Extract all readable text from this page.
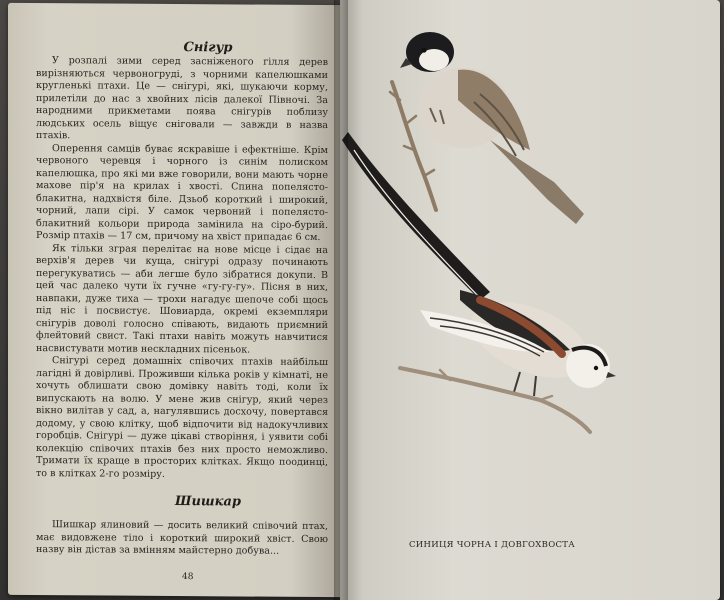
Снігур

У розпалі зими серед засніженого гілля дерев вирізняються червоногруді, з чорними капелюшками кругленькі птахи. Це — снігурі, які, шукаючи корму, прилетіли до нас з хвойних лісів далекої Півночі. За народними прикметами поява снігурів поблизу людських осель віщує сніговали — завжди в назва птахів.

Оперення самців буває яскравіше і ефектніше. Крім червоного черевця і чорного із синім полиском капелюшка, про які ми вже говорили, вони мають чорне махове пір'я на крилах і хвості. Спина попелясто-блакитна, надхвістя біле. Дзьоб короткий і широкий, чорний, лапи сірі. У самок червоний і попелясто-блакитний кольори природа замінила на сіро-бурий. Розмір птахів — 17 см, причому на хвіст припадає 6 см.

Як тільки зграя перелітає на нове місце і сідає на верхів'я дерев чи куща, снігурі одразу починають перегукуватись — аби легше було зібратися докупи. В цей час далеко чути їх гучне «гу-гу-гу». Пісня в них, навпаки, дуже тиха — трохи нагадує шепоче собі щось під ніс і посвистує. Шовиарда, окремі екземпляри снігурів доволі голосно співають, видають приємний флейтовий свист. Такі птахи навіть можуть навчитися насвистувати мотив нескладних пісеньок.

Снігурі серед домашніх співочих птахів найбільш лагідні й довірливі. Проживши кілька років у кімнаті, не хочуть облишати свою домівку навіть тоді, коли їх випускають на волю. У мене жив снігур, який через вікно вилітав у сад, а, нагулявшись досхочу, повертався додому, у свою клітку, щоб відпочити від надокучливих горобців. Снігурі — дуже цікаві створіння, і уявити собі колекцію співочих птахів без них просто неможливо. Тримати їх краще в просторих клітках. Якщо поодинці, то в клітках 2-го розміру.

Шишкар

Шишкар ялиновий — досить великий співочий птах, має видовжене тіло і короткий широкий хвіст. Свою назву він дістав за вмінням майстерно добува...

48
СИНИЦЯ ЧОРНА І ДОВГОХВОСТА
